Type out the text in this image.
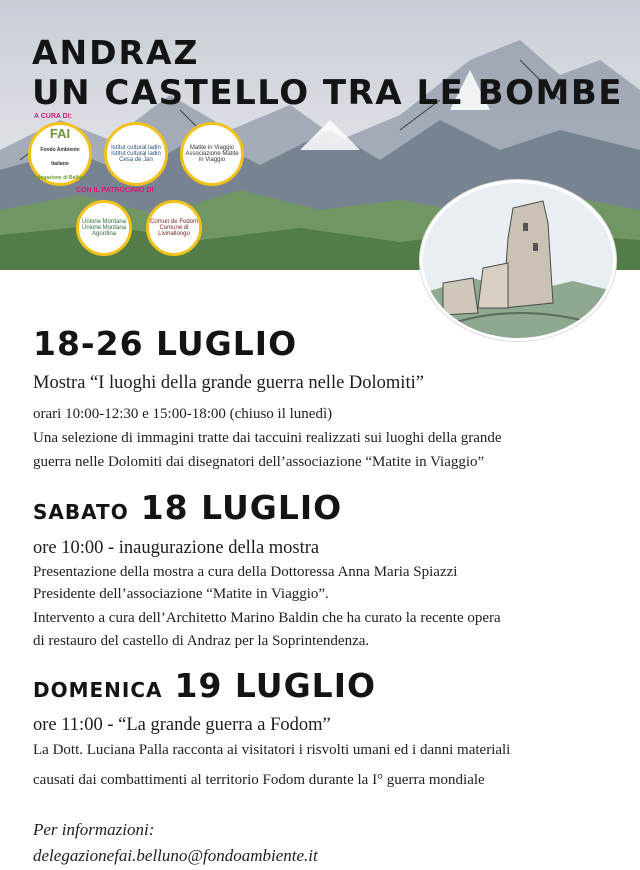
ANDRAZ
UN CASTELLO TRA LE BOMBE
A CURA DI:
FAI
Fondo Ambiente Italiano
Delegazione di Belluno
Istitut cultural ladin
Istitut cultural ladin Cesa de Jan
Matite in Viaggio
Associazione Matite in Viaggio
CON IL PATROCINIO DI
Unione Montana
Unione Montana Agordina
Comun de Fodom
Comune di Livinallongo
18-26 LUGLIO

Mostra “I luoghi della grande guerra nelle Dolomiti”

orari 10:00-12:30 e 15:00-18:00 (chiuso il lunedì)

Una selezione di immagini tratte dai taccuini realizzati sui luoghi della grande

guerra nelle Dolomiti dai disegnatori dell’associazione “Matite in Viaggio”

SABATO 18 LUGLIO

ore 10:00 - inaugurazione della mostra

Presentazione della mostra a cura della Dottoressa Anna Maria Spiazzi

Presidente dell’associazione “Matite in Viaggio”.

Intervento a cura dell’Architetto Marino Baldin che ha curato la recente opera

di restauro del castello di Andraz per la Soprintendenza.

DOMENICA 19 LUGLIO

ore 11:00 - “La grande guerra a Fodom”

La Dott. Luciana Palla racconta ai visitatori i risvolti umani ed i danni materiali

causati dai combattimenti al territorio Fodom durante la I° guerra mondiale

Per informazioni:

delegazionefai.belluno@fondoambiente.it
